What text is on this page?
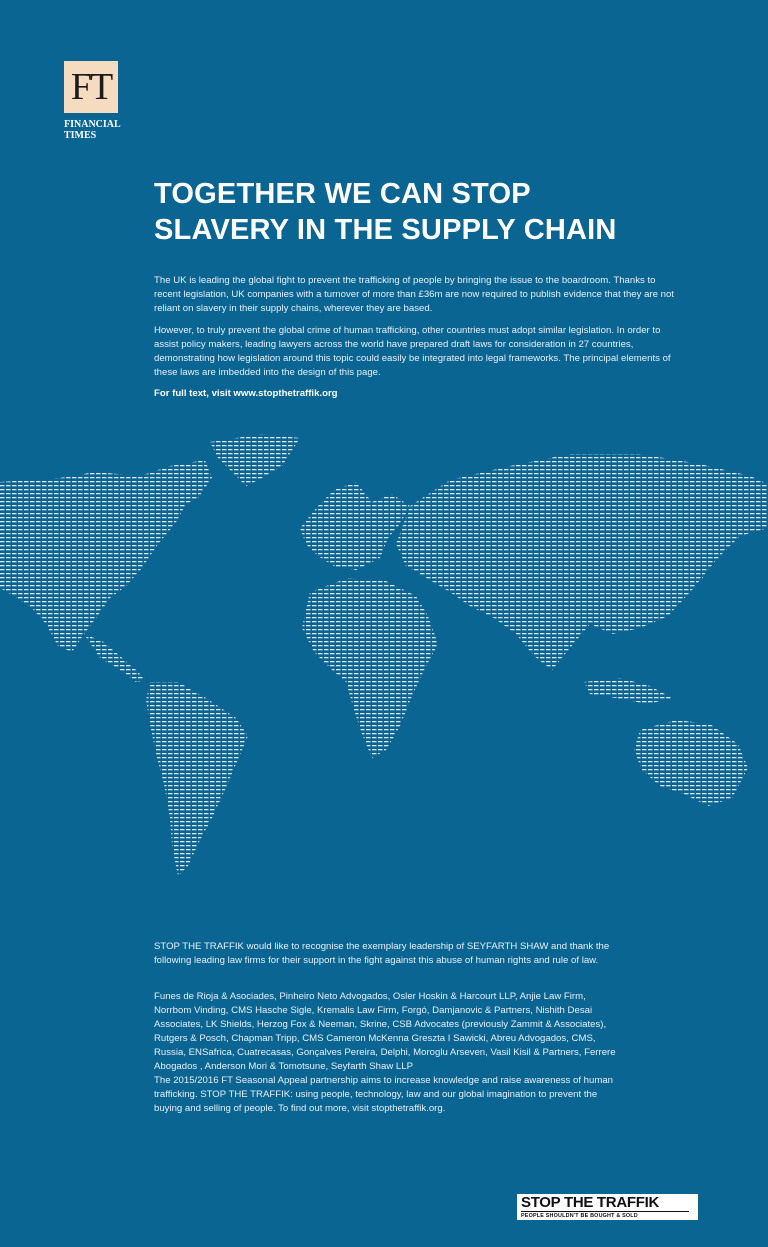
FT
FINANCIAL
TIMES
TOGETHER WE CAN STOP
SLAVERY IN THE SUPPLY CHAIN

The UK is leading the global fight to prevent the trafficking of people by bringing the issue to the boardroom. Thanks to recent legislation, UK companies with a turnover of more than £36m are now required to publish evidence that they are not reliant on slavery in their supply chains, wherever they are based.

However, to truly prevent the global crime of human trafficking, other countries must adopt similar legislation. In order to assist policy makers, leading lawyers across the world have prepared draft laws for consideration in 27 countries, demonstrating how legislation around this topic could easily be integrated into legal frameworks. The principal elements of these laws are imbedded into the design of this page.

For full text, visit www.stopthetraffik.org

STOP THE TRAFFIK would like to recognise the exemplary leadership of SEYFARTH SHAW and thank the following leading law firms for their support in the fight against this abuse of human rights and rule of law.

Funes de Rioja & Asociades, Pinheiro Neto Advogados, Osler Hoskin & Harcourt LLP, Anjie Law Firm, Norrbom Vinding, CMS Hasche Sigle, Kremalis Law Firm, Forgó, Damjanovic & Partners, Nishith Desai Associates, LK Shields, Herzog Fox & Neeman, Skrine, CSB Advocates (previously Zammit & Associates), Rutgers & Posch, Chapman Tripp, CMS Cameron McKenna Greszta I Sawicki, Abreu Advogados, CMS, Russia, ENSafrica, Cuatrecasas, Gonçalves Pereira, Delphi, Moroglu Arseven, Vasil Kisil & Partners, Ferrere Abogados , Anderson Mori & Tomotsune, Seyfarth Shaw LLP

The 2015/2016 FT Seasonal Appeal partnership aims to increase knowledge and raise awareness of human trafficking. STOP THE TRAFFIK: using people, technology, law and our global imagination to prevent the buying and selling of people. To find out more, visit stopthetraffik.org.

STOP THE TRAFFIK
PEOPLE SHOULDN'T BE BOUGHT & SOLD
